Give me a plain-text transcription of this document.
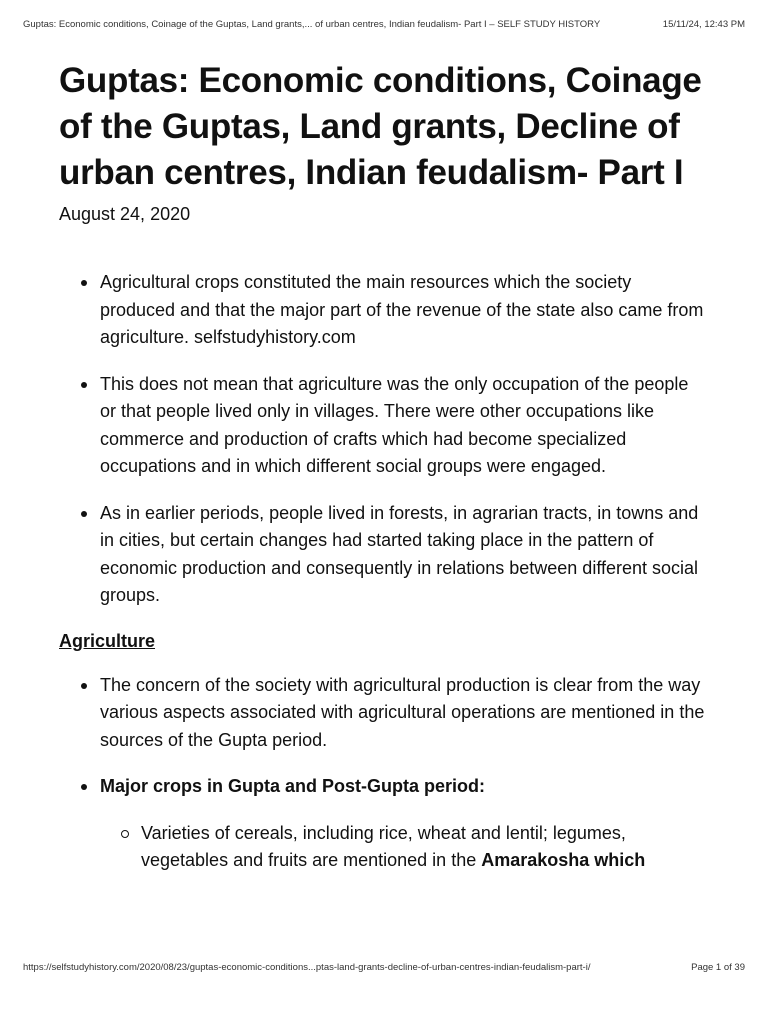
Guptas: Economic conditions, Coinage of the Guptas, Land grants,... of urban centres, Indian feudalism- Part I – SELF STUDY HISTORY	15/11/24, 12:43 PM
Guptas: Economic conditions, Coinage of the Guptas, Land grants, Decline of urban centres, Indian feudalism- Part I
August 24, 2020
Agricultural crops constituted the main resources which the society produced and that the major part of the revenue of the state also came from agriculture. selfstudyhistory.com
This does not mean that agriculture was the only occupation of the people or that people lived only in villages. There were other occupations like commerce and production of crafts which had become specialized occupations and in which different social groups were engaged.
As in earlier periods, people lived in forests, in agrarian tracts, in towns and in cities, but certain changes had started taking place in the pattern of economic production and consequently in relations between different social groups.
Agriculture
The concern of the society with agricultural production is clear from the way various aspects associated with agricultural operations are mentioned in the sources of the Gupta period.
Major crops in Gupta and Post-Gupta period:
Varieties of cereals, including rice, wheat and lentil; legumes, vegetables and fruits are mentioned in the Amarakosha which
https://selfstudyhistory.com/2020/08/23/guptas-economic-conditions...ptas-land-grants-decline-of-urban-centres-indian-feudalism-part-i/	Page 1 of 39
